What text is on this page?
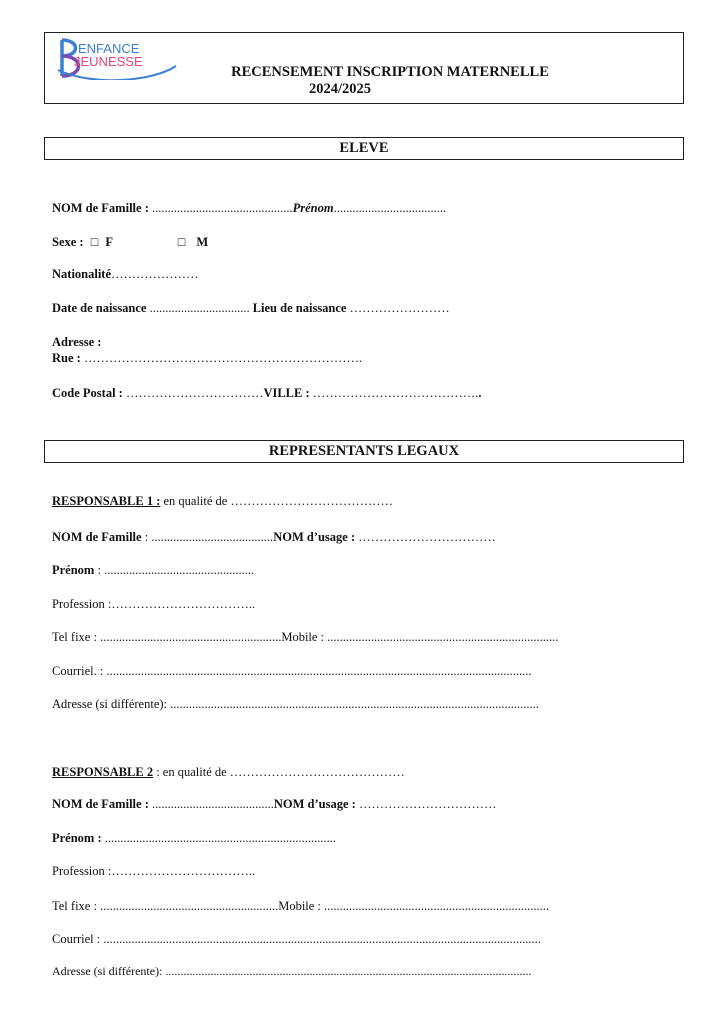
ENFANCE
JEUNESSE
RECENSEMENT INSCRIPTION MATERNELLE
2024/2025
ELEVE
NOM de Famille : .............................................Prénom....................................
Sexe : □ F	□ M
Nationalité…………………
Date de naissance ................................ Lieu de naissance ……………………
Adresse :
Rue : ………………………………………………………….
Code Postal : ……………………………VILLE : …………………………………..
REPRESENTANTS LEGAUX
RESPONSABLE 1 : en qualité de …………………………………
NOM de Famille : .......................................NOM d’usage : ……………………………
Prénom : ................................................
Profession :……………………………..
Tel fixe : ..........................................................Mobile : ..........................................................................
Courriel. : ........................................................................................................................................
Adresse (si différente): ......................................................................................................................
RESPONSABLE 2 : en qualité de ……………………………………
NOM de Famille : .......................................NOM d’usage : ……………………………
Prénom : ..........................................................................
Profession :……………………………..
Tel fixe : .........................................................Mobile : ........................................................................
Courriel : ............................................................................................................................................
Adresse (si différente): ..........................................................................................................................
